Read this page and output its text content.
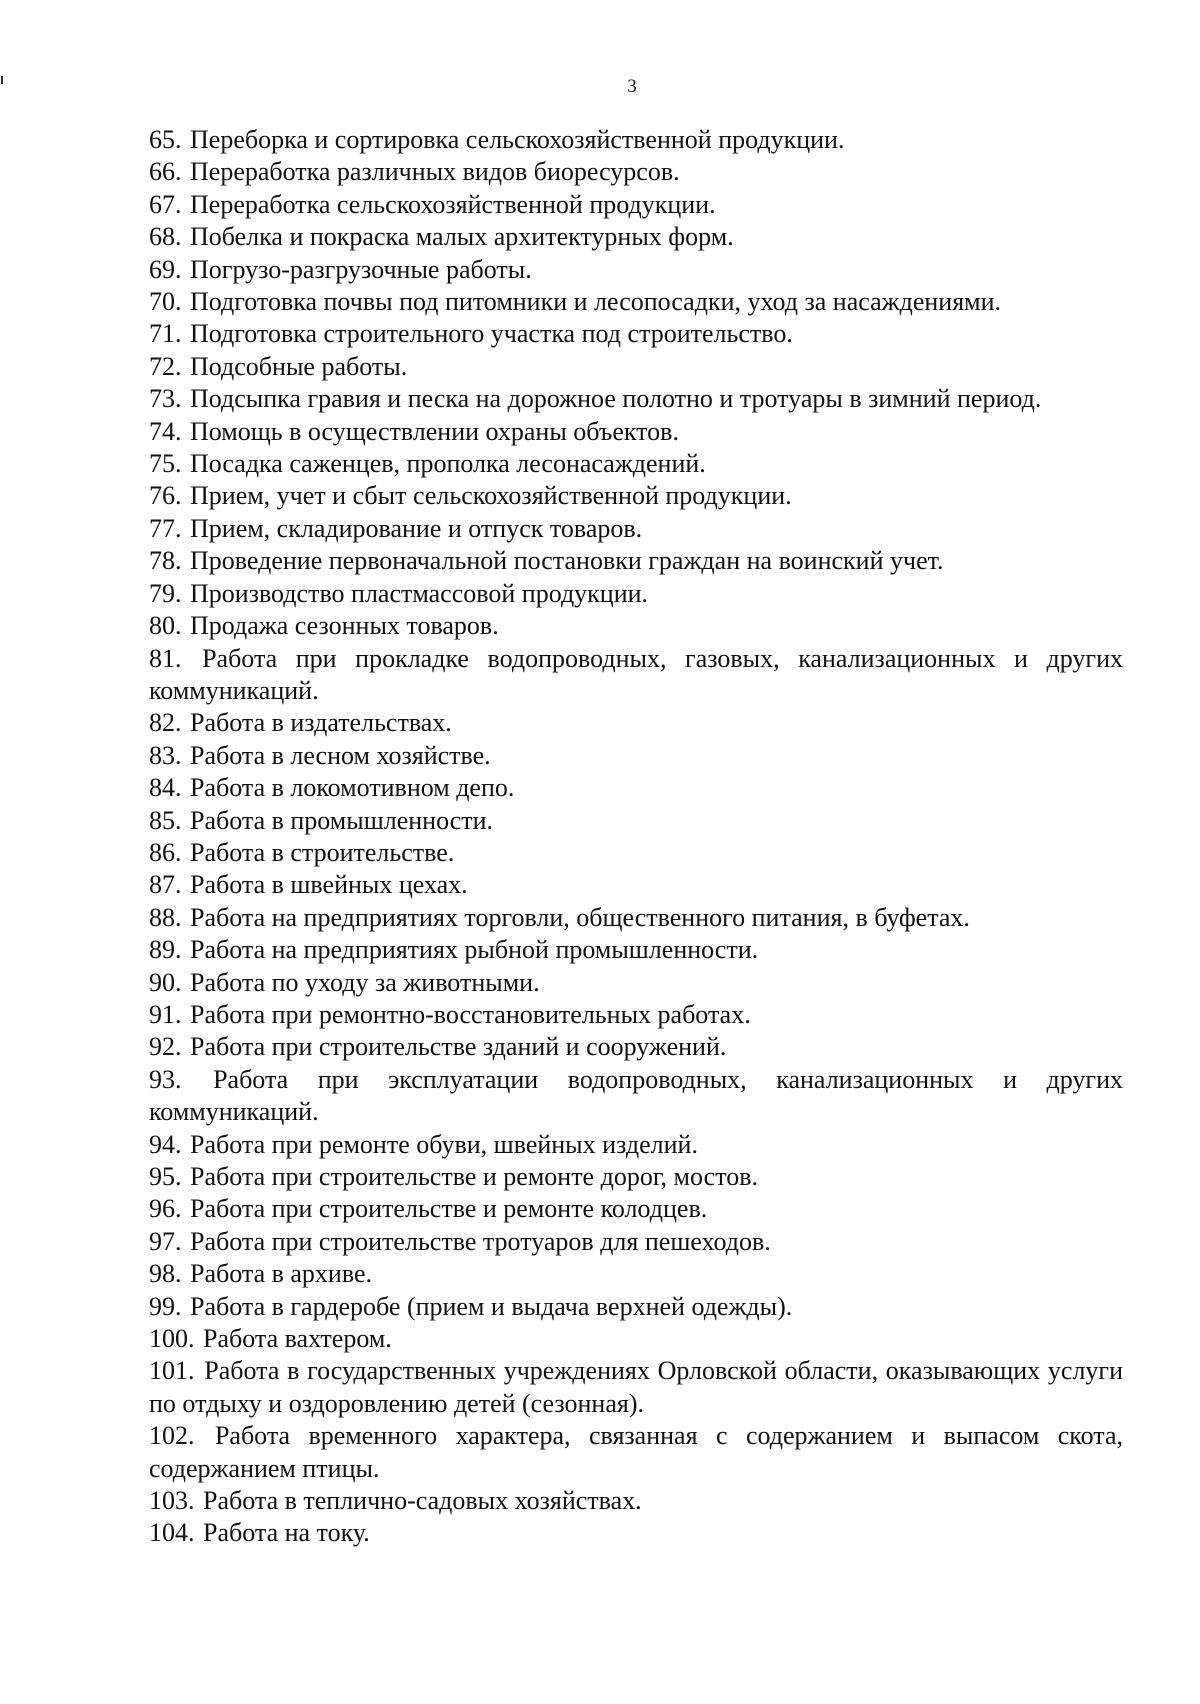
3
65. Переборка и сортировка сельскохозяйственной продукции.
66. Переработка различных видов биоресурсов.
67. Переработка сельскохозяйственной продукции.
68. Побелка и покраска малых архитектурных форм.
69. Погрузо-разгрузочные работы.
70. Подготовка почвы под питомники и лесопосадки, уход за насаждениями.
71. Подготовка строительного участка под строительство.
72. Подсобные работы.
73. Подсыпка гравия и песка на дорожное полотно и тротуары в зимний период.
74. Помощь в осуществлении охраны объектов.
75. Посадка саженцев, прополка лесонасаждений.
76. Прием, учет и сбыт сельскохозяйственной продукции.
77. Прием, складирование и отпуск товаров.
78. Проведение первоначальной постановки граждан на воинский учет.
79. Производство пластмассовой продукции.
80. Продажа сезонных товаров.
81. Работа при прокладке водопроводных, газовых, канализационных и других коммуникаций.
82. Работа в издательствах.
83. Работа в лесном хозяйстве.
84. Работа в локомотивном депо.
85. Работа в промышленности.
86. Работа в строительстве.
87. Работа в швейных цехах.
88. Работа на предприятиях торговли, общественного питания, в буфетах.
89. Работа на предприятиях рыбной промышленности.
90. Работа по уходу за животными.
91. Работа при ремонтно-восстановительных работах.
92. Работа при строительстве зданий и сооружений.
93. Работа при эксплуатации водопроводных, канализационных и других коммуникаций.
94. Работа при ремонте обуви, швейных изделий.
95. Работа при строительстве и ремонте дорог, мостов.
96. Работа при строительстве и ремонте колодцев.
97. Работа при строительстве тротуаров для пешеходов.
98. Работа в архиве.
99. Работа в гардеробе (прием и выдача верхней одежды).
100. Работа вахтером.
101. Работа в государственных учреждениях Орловской области, оказывающих услуги по отдыху и оздоровлению детей (сезонная).
102. Работа временного характера, связанная с содержанием и выпасом скота, содержанием птицы.
103. Работа в теплично-садовых хозяйствах.
104. Работа на току.
